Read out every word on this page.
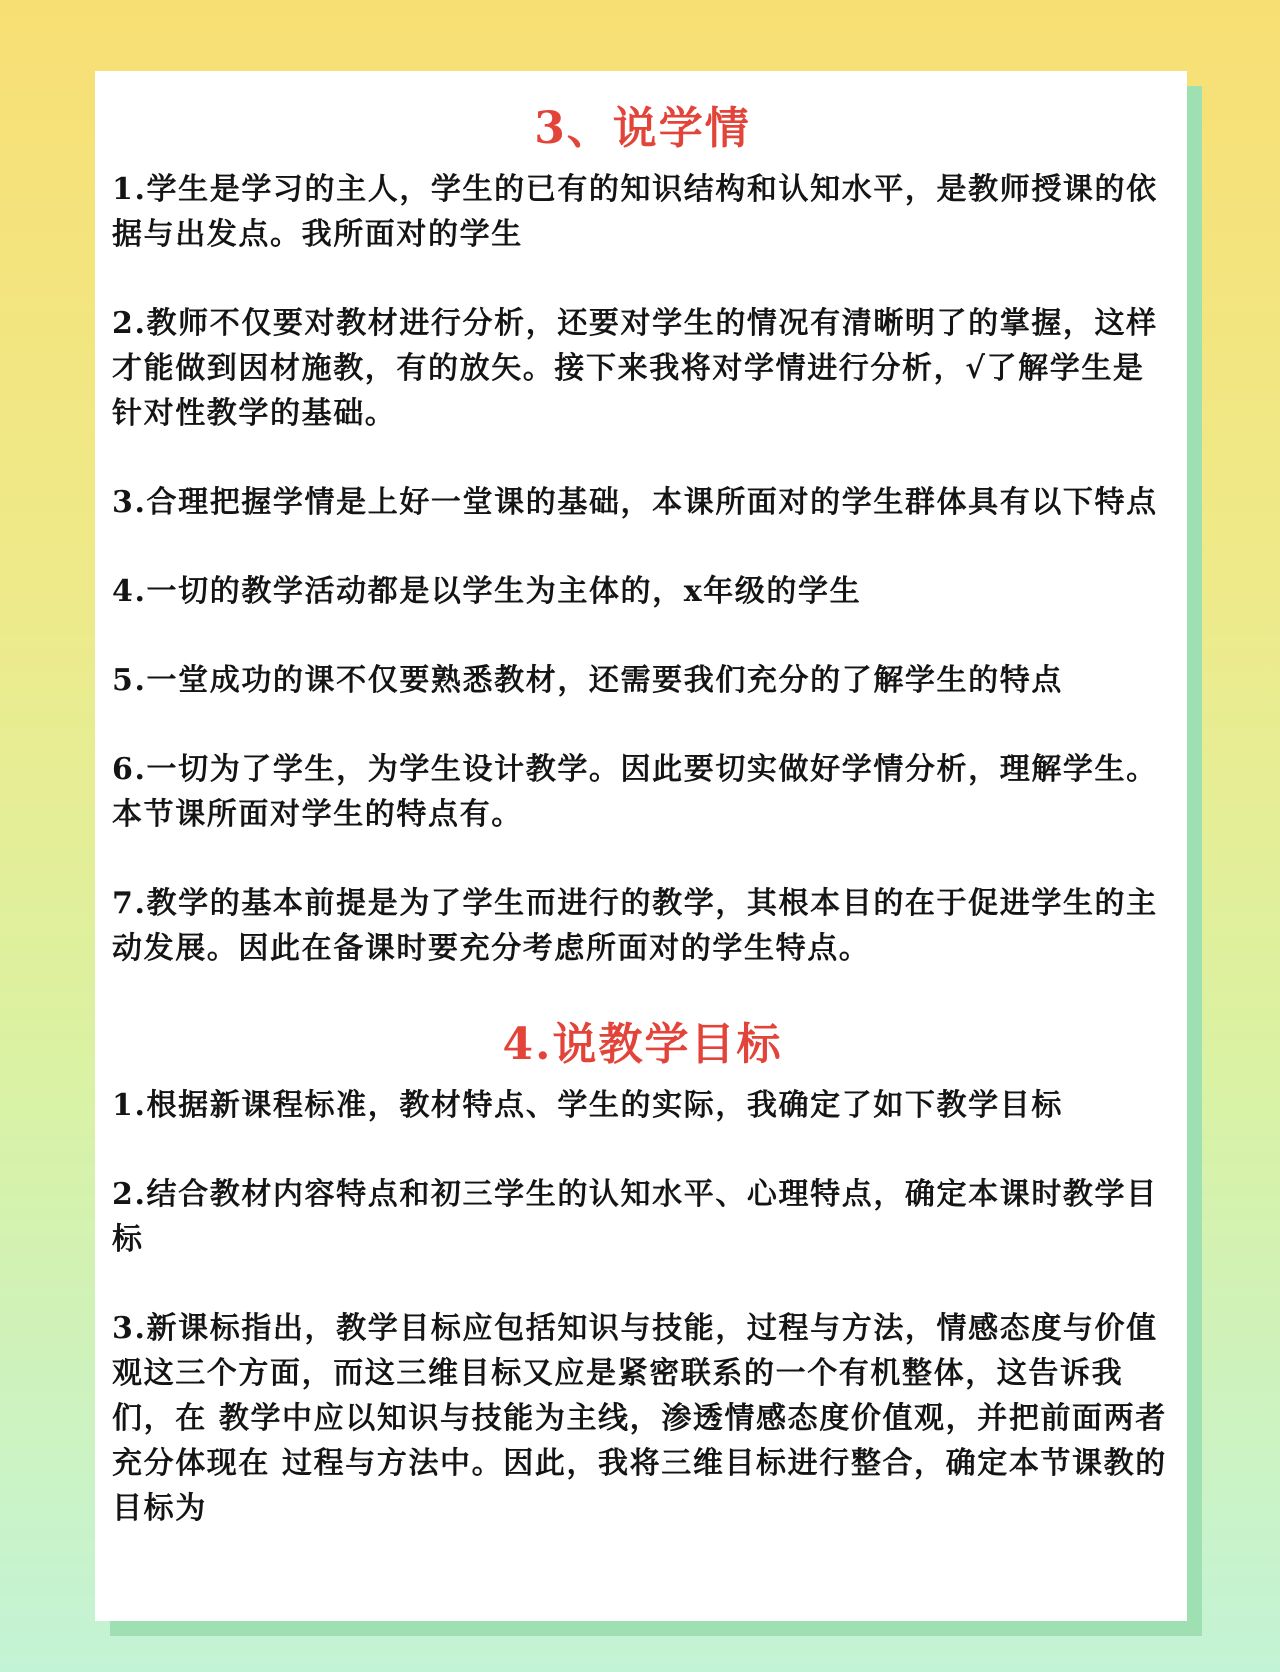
3、说学情
1.学生是学习的主人，学生的已有的知识结构和认知水平，是教师授课的依 据与出发点。我所面对的学生
2.教师不仅要对教材进行分析，还要对学生的情况有清晰明了的掌握，这样 才能做到因材施教，有的放矢。接下来我将对学情进行分析，√了解学生是针对性教学的基础。
3.合理把握学情是上好一堂课的基础，本课所面对的学生群体具有以下特点
4.一切的教学活动都是以学生为主体的，x年级的学生
5.一堂成功的课不仅要熟悉教材，还需要我们充分的了解学生的特点
6.一切为了学生，为学生设计教学。因此要切实做好学情分析，理解学生。本节课所面对学生的特点有。
7.教学的基本前提是为了学生而进行的教学，其根本目的在于促进学生的主 动发展。因此在备课时要充分考虑所面对的学生特点。
4.说教学目标
1.根据新课程标准，教材特点、学生的实际，我确定了如下教学目标
2.结合教材内容特点和初三学生的认知水平、心理特点，确定本课时教学目标
3.新课标指出，教学目标应包括知识与技能，过程与方法，情感态度与价值 观这三个方面，而这三维目标又应是紧密联系的一个有机整体，这告诉我们，在 教学中应以知识与技能为主线，渗透情感态度价值观，并把前面两者充分体现在 过程与方法中。因此，我将三维目标进行整合，确定本节课教的目标为
